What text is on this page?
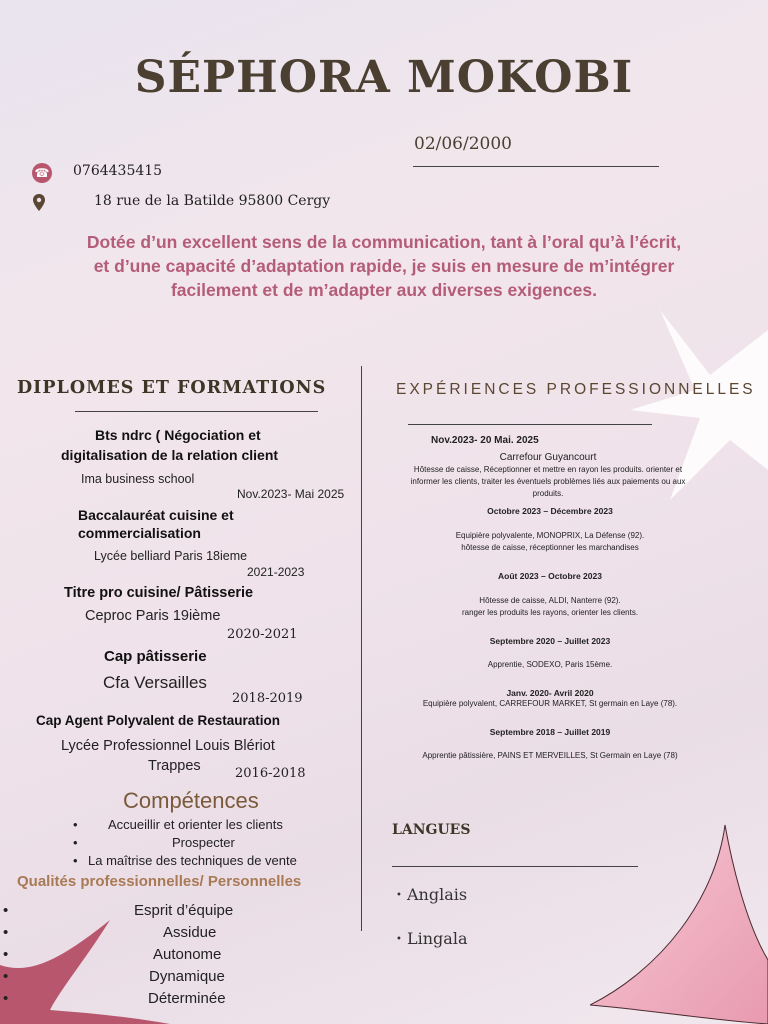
SÉPHORA MOKOBI
02/06/2000
☎ 0764435415
18 rue de la Batilde 95800 Cergy
Dotée d’un excellent sens de la communication, tant à l’oral qu’à l’écrit,
et d’une capacité d’adaptation rapide, je suis en mesure de m’intégrer
facilement et de m’adapter aux diverses exigences.
DIPLOMES ET FORMATIONS
Bts ndrc ( Négociation et
digitalisation de la relation client
Ima business school
Nov.2023- Mai 2025
Baccalauréat cuisine et
commercialisation
Lycée belliard Paris 18ieme
2021-2023
Titre pro cuisine/ Pâtisserie
Ceproc Paris 19ième
2020-2021
Cap pâtisserie
Cfa Versailles
2018-2019
Cap Agent Polyvalent de Restauration
Lycée Professionnel Louis Blériot
Trappes	2016-2018
Compétences
• Accueillir et orienter les clients
•	Prospecter
• La maîtrise des techniques de vente
Qualités professionnelles/ Personnelles
•	Esprit d’équipe
•	Assidue
•	Autonome
•	Dynamique
•	Déterminée
EXPÉRIENCES PROFESSIONNELLES
Nov.2023- 20 Mai. 2025
Carrefour Guyancourt
Hôtesse de caisse, Réceptionner et mettre en rayon les produits. orienter et
informer les clients, traiter les éventuels problèmes liés aux paiements ou aux
produits.
Octobre 2023 – Décembre 2023
Equipière polyvalente, MONOPRIX, La Défense (92).
hôtesse de caisse, réceptionner les marchandises
Août 2023 – Octobre 2023
Hôtesse de caisse, ALDI, Nanterre (92).
ranger les produits les rayons, orienter les clients.
Septembre 2020 – Juillet 2023
Apprentie, SODEXO, Paris 15ème.
Janv. 2020- Avril 2020
Equipière polyvalent, CARREFOUR MARKET, St germain en Laye (78).
Septembre 2018 – Juillet 2019
Apprentie pâtissière, PAINS ET MERVEILLES, St Germain en Laye (78)
LANGUES
• Anglais
• Lingala
